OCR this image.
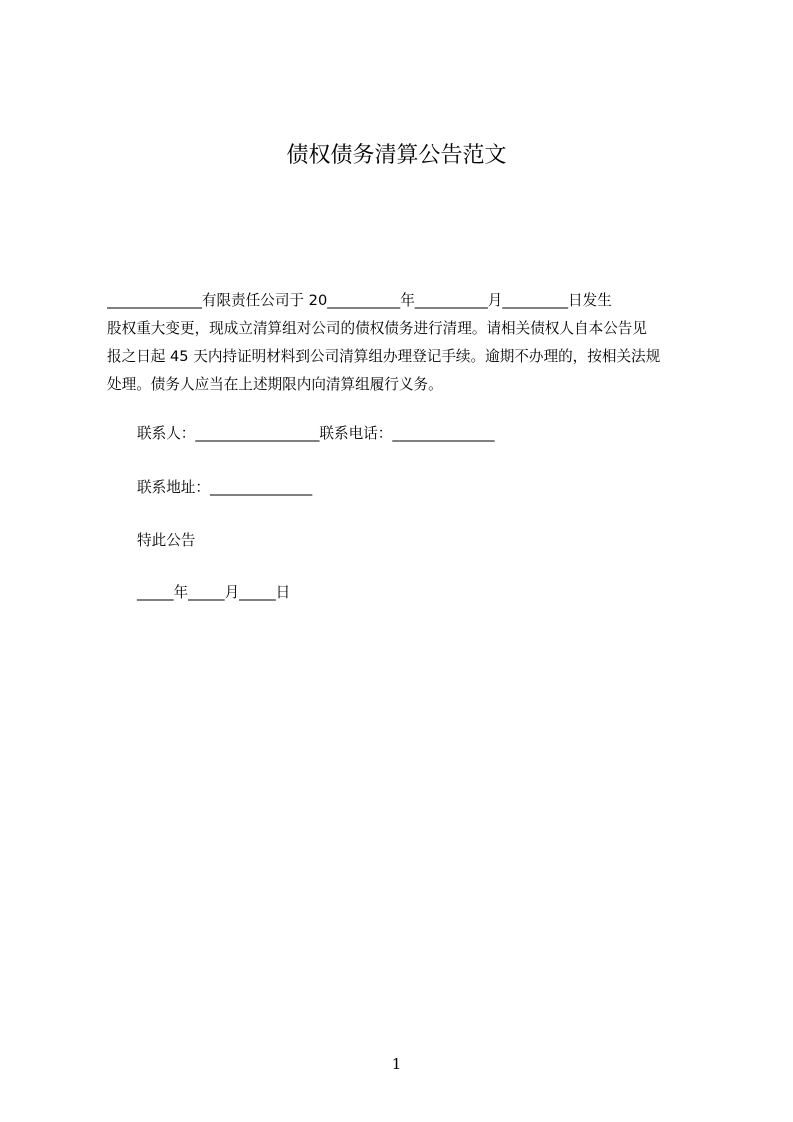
债权债务清算公告范文
_____________有限责任公司于 20__________年__________月_________日发生
股权重大变更，现成立清算组对公司的债权债务进行清理。请相关债权人自本公告见
报之日起 45 天内持证明材料到公司清算组办理登记手续。逾期不办理的，按相关法规
处理。债务人应当在上述期限内向清算组履行义务。
联系人：_________________联系电话：______________
联系地址：______________
特此公告
_____年_____月_____日
1
